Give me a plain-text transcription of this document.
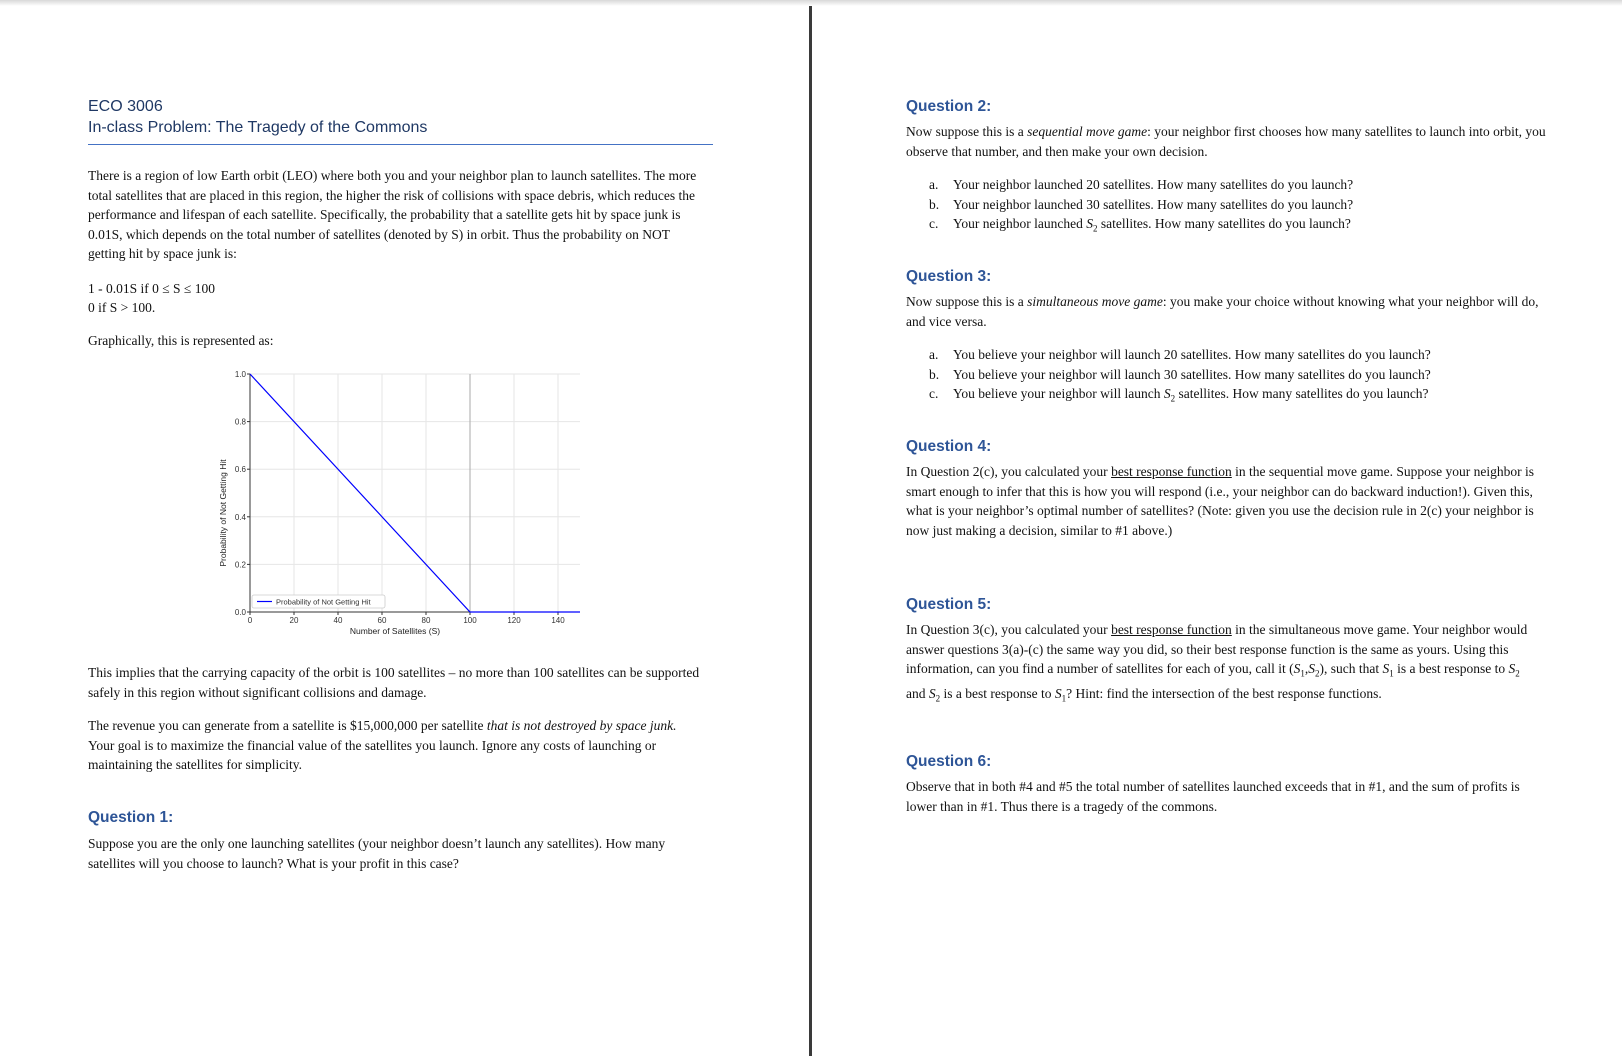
ECO 3006
In-class Problem: The Tragedy of the Commons

There is a region of low Earth orbit (LEO) where both you and your neighbor plan to launch satellites. The more total satellites that are placed in this region, the higher the risk of collisions with space debris, which reduces the performance and lifespan of each satellite. Specifically, the probability that a satellite gets hit by space junk is 0.01S, which depends on the total number of satellites (denoted by S) in orbit. Thus the probability on NOT getting hit by space junk is:

1 - 0.01S if 0 ≤ S ≤ 100

0 if S > 100.

Graphically, this is represented as:

0	20	40	60	80	100	120	140
0.0
0.2
0.4
0.6
0.8
1.0
Number of Satellites (S)
Probability of Not Getting Hit
Probability of Not Getting Hit

This implies that the carrying capacity of the orbit is 100 satellites – no more than 100 satellites can be supported safely in this region without significant collisions and damage.

The revenue you can generate from a satellite is $15,000,000 per satellite that is not destroyed by space junk. Your goal is to maximize the financial value of the satellites you launch. Ignore any costs of launching or maintaining the satellites for simplicity.

Question 1:

Suppose you are the only one launching satellites (your neighbor doesn’t launch any satellites). How many satellites will you choose to launch? What is your profit in this case?

Question 2:

Now suppose this is a sequential move game: your neighbor first chooses how many satellites to launch into orbit, you observe that number, and then make your own decision.

a. Your neighbor launched 20 satellites. How many satellites do you launch?
b. Your neighbor launched 30 satellites. How many satellites do you launch?
c. Your neighbor launched $S_2$ satellites. How many satellites do you launch?
Question 3:

Now suppose this is a simultaneous move game: you make your choice without knowing what your neighbor will do, and vice versa.

a. You believe your neighbor will launch 20 satellites. How many satellites do you launch?
b. You believe your neighbor will launch 30 satellites. How many satellites do you launch?
c. You believe your neighbor will launch $S_2$ satellites. How many satellites do you launch?
Question 4:

In Question 2(c), you calculated your best response function in the sequential move game. Suppose your neighbor is smart enough to infer that this is how you will respond (i.e., your neighbor can do backward induction!). Given this, what is your neighbor’s optimal number of satellites? (Note: given you use the decision rule in 2(c) your neighbor is now just making a decision, similar to #1 above.)

Question 5:

In Question 3(c), you calculated your best response function in the simultaneous move game. Your neighbor would answer questions 3(a)-(c) the same way you did, so their best response function is the same as yours. Using this information, can you find a number of satellites for each of you, call it $(S_1,S_2)$, such that $S_1$ is a best response to $S_2$ and $S_2$ is a best response to $S_1$? Hint: find the intersection of the best response functions.

Question 6:

Observe that in both #4 and #5 the total number of satellites launched exceeds that in #1, and the sum of profits is lower than in #1. Thus there is a tragedy of the commons.
